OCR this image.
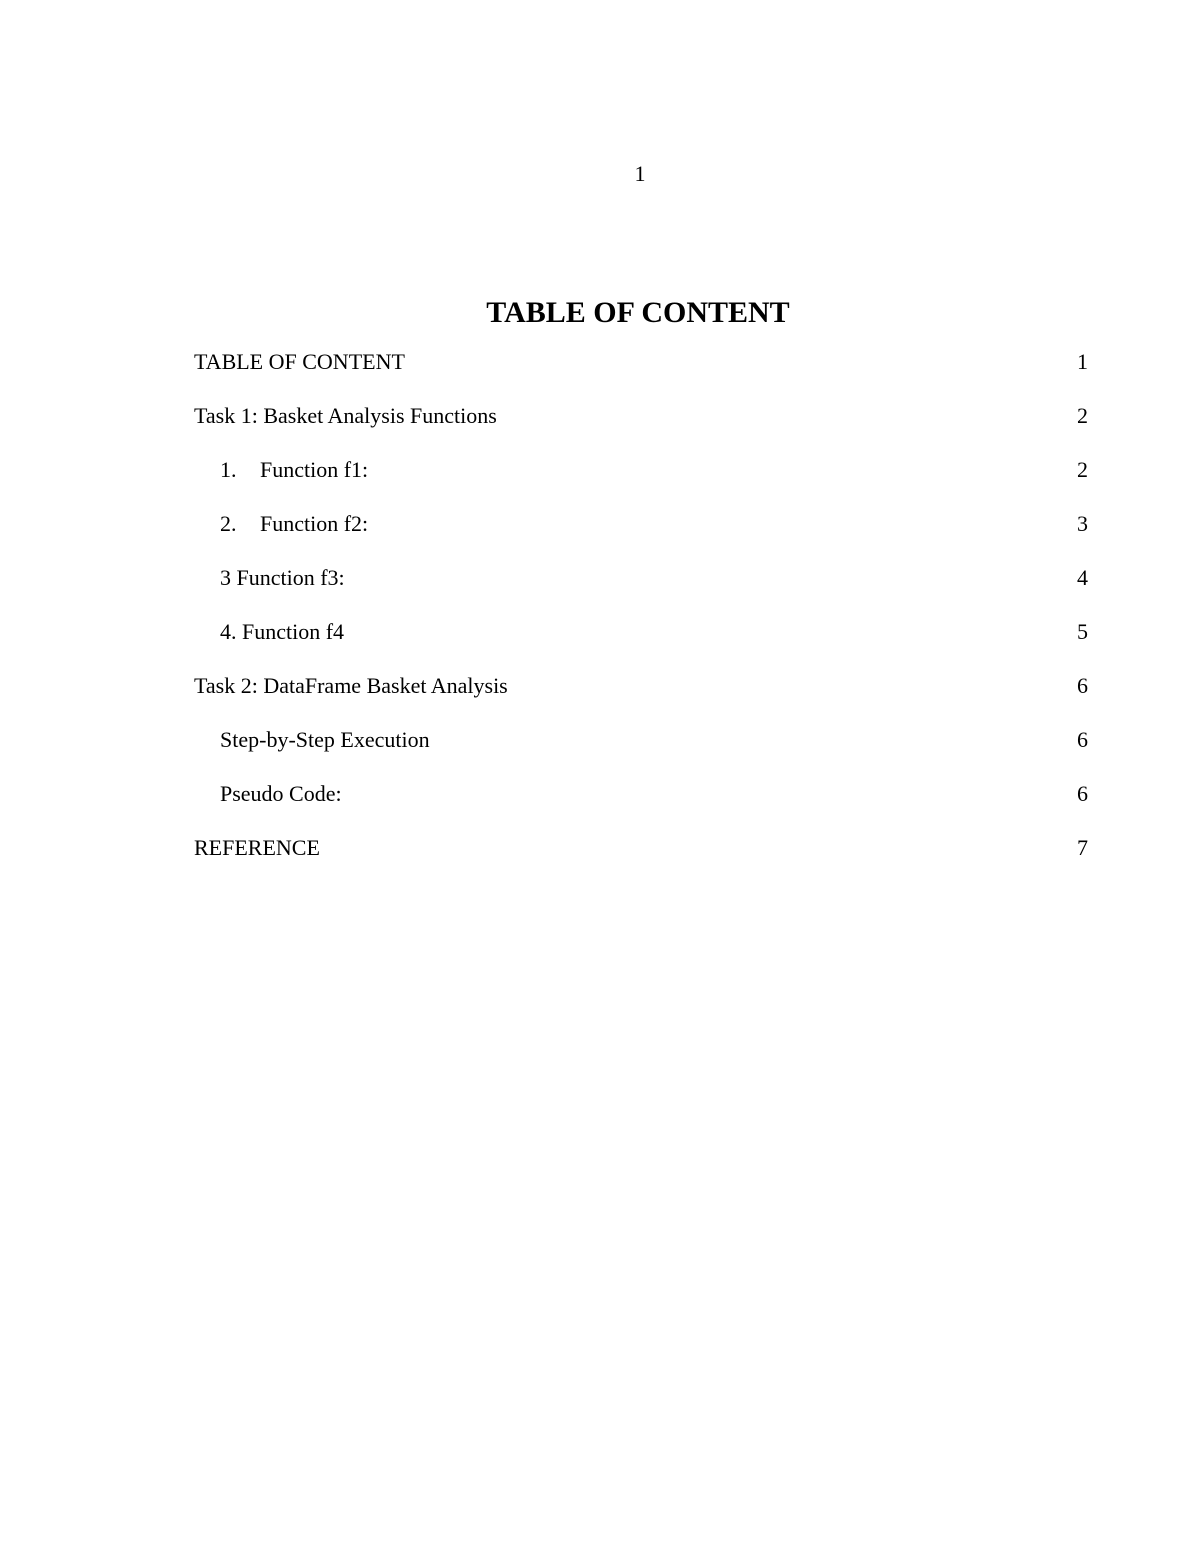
1
TABLE OF CONTENT
TABLE OF CONTENT	1
Task 1: Basket Analysis Functions	2
1. Function f1:	2
2. Function f2:	3
3 Function f3:	4
4. Function f4	5
Task 2: DataFrame Basket Analysis	6
Step-by-Step Execution	6
Pseudo Code:	6
REFERENCE	7
